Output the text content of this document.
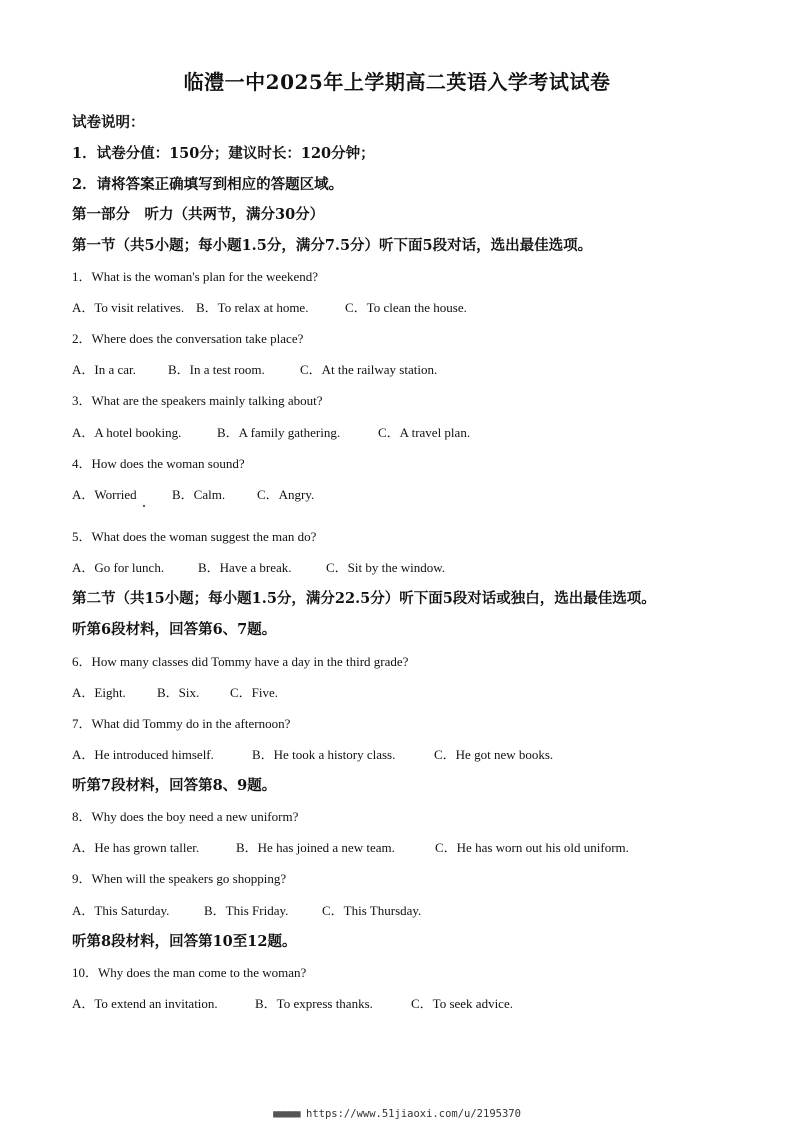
临澧一中2025年上学期高二英语入学考试试卷
试卷说明：
1．试卷分值：150分；建议时长：120分钟；
2．请将答案正确填写到相应的答题区域。
第一部分　听力（共两节，满分30分）
第一节（共5小题；每小题1.5分，满分7.5分）听下面5段对话，选出最佳选项。
1．What is the woman's plan for the weekend?
A．To visit relatives. B．To relax at home.	C．To clean the house.
2．Where does the conversation take place?
A．In a car. B．In a test room.	C．At the railway station.
3．What are the speakers mainly talking about?
A．A hotel booking.	B．A family gathering.	C．A travel plan.
4．How does the woman sound?
A．Worried	B．Calm. C．Angry.
5．What does the woman suggest the man do?
A．Go for lunch.	B．Have a break.	C．Sit by the window.
第二节（共15小题；每小题1.5分，满分22.5分）听下面5段对话或独白，选出最佳选项。
听第6段材料，回答第6、7题。
6．How many classes did Tommy have a day in the third grade?
A．Eight. B．Six. C．Five.
7．What did Tommy do in the afternoon?
A．He introduced himself.	B．He took a history class.	C．He got new books.
听第7段材料，回答第8、9题。
8．Why does the boy need a new uniform?
A．He has grown taller.	B．He has joined a new team.	C．He has worn out his old uniform.
9．When will the speakers go shopping?
A．This Saturday.	B．This Friday.	C．This Thursday.
听第8段材料，回答第10至12题。
10．Why does the man come to the woman?
A．To extend an invitation.	B．To express thanks.	C．To seek advice.
■■■■■ https://www.51jiaoxi.com/u/2195370
